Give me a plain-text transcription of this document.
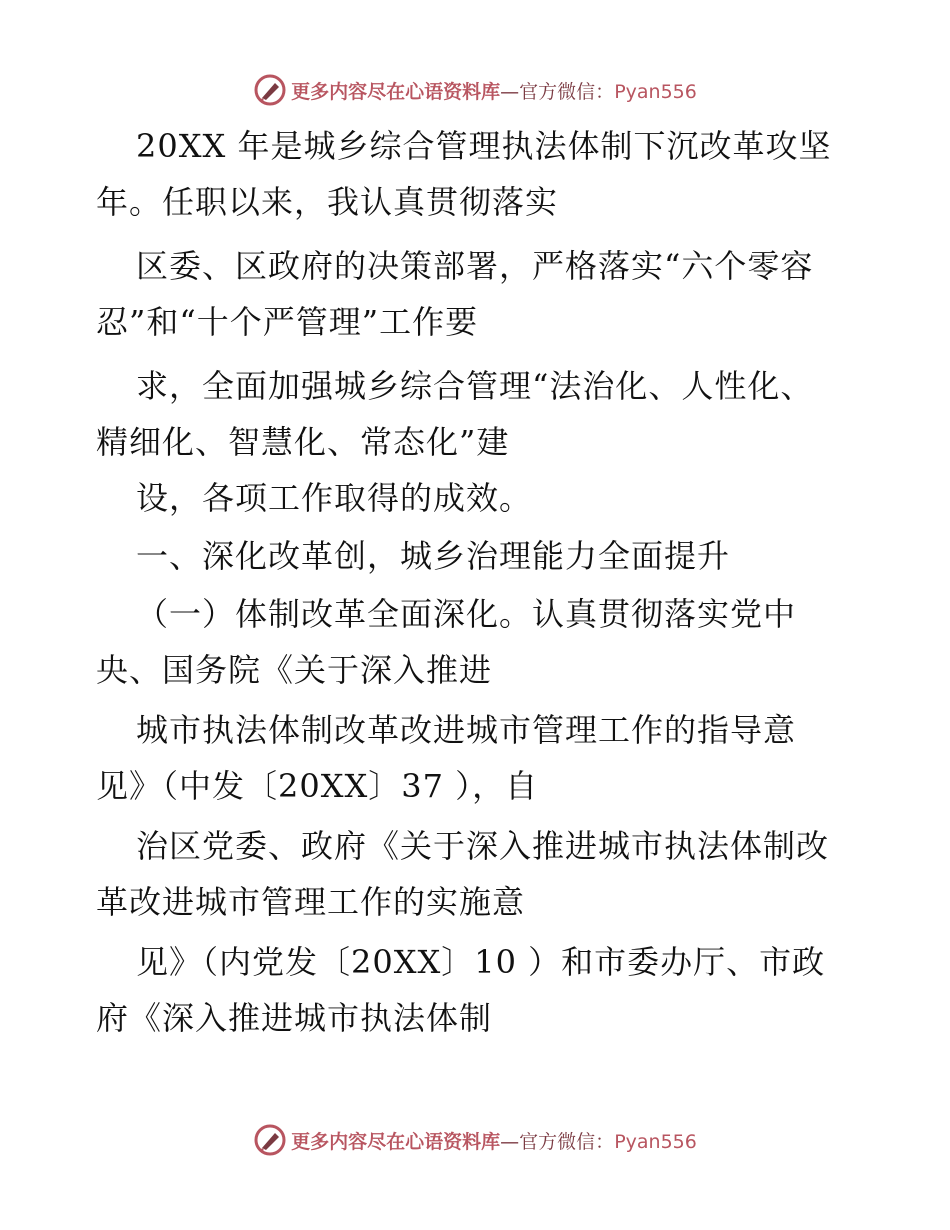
更多内容尽在心语资料库—官方微信：Pyan556
20XX 年是城乡综合管理执法体制下沉改革攻坚
年。任职以来，我认真贯彻落实
区委、区政府的决策部署，严格落实“六个零容
忍”和“十个严管理”工作要
求，全面加强城乡综合管理“法治化、人性化、
精细化、智慧化、常态化”建
设，各项工作取得的成效。
一、深化改革创，城乡治理能力全面提升
（一）体制改革全面深化。认真贯彻落实党中
央、国务院《关于深入推进
城市执法体制改革改进城市管理工作的指导意
见》（中发〔20XX〕37 ），自
治区党委、政府《关于深入推进城市执法体制改
革改进城市管理工作的实施意
见》（内党发〔20XX〕10 ）和市委办厅、市政
府《深入推进城市执法体制
更多内容尽在心语资料库—官方微信：Pyan556
